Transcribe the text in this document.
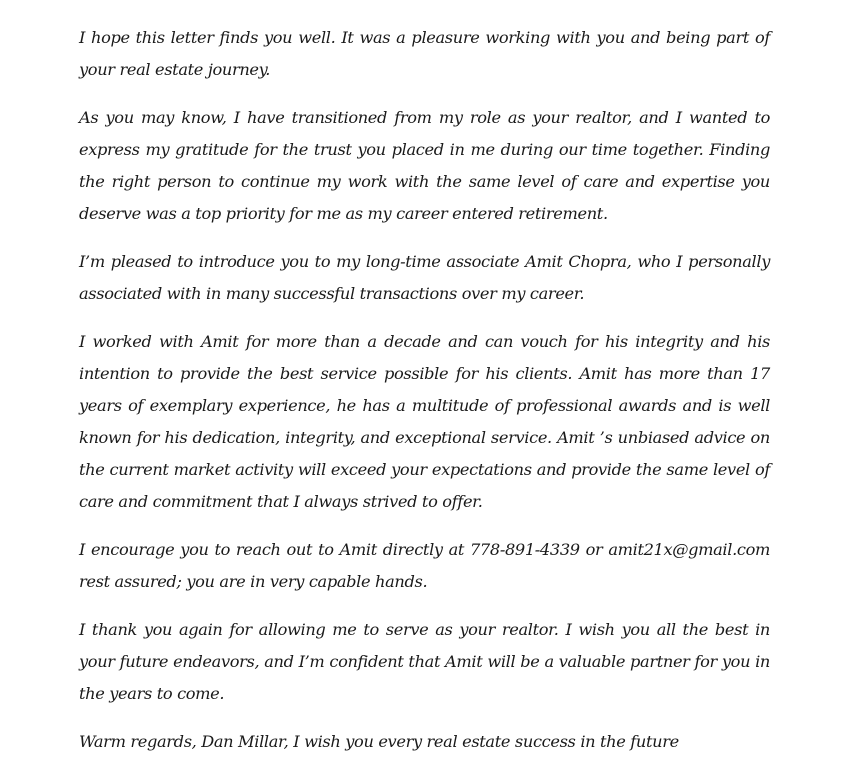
I hope this letter finds you well. It was a pleasure working with you and being part of your real estate journey.

As you may know, I have transitioned from my role as your realtor, and I wanted to express my gratitude for the trust you placed in me during our time together. Finding the right person to continue my work with the same level of care and expertise you deserve was a top priority for me as my career entered retirement.

I’m pleased to introduce you to my long-time associate Amit Chopra, who I personally associated with in many successful transactions over my career.

I worked with Amit for more than a decade and can vouch for his integrity and his intention to provide the best service possible for his clients. Amit has more than 17 years of exemplary experience, he has a multitude of professional awards and is well known for his dedication, integrity, and exceptional service. Amit ’s unbiased advice on the current market activity will exceed your expectations and provide the same level of care and commitment that I always strived to offer.

I encourage you to reach out to Amit directly at 778-891-4339 or amit21x@gmail.com rest assured; you are in very capable hands.

I thank you again for allowing me to serve as your realtor. I wish you all the best in your future endeavors, and I’m confident that Amit will be a valuable partner for you in the years to come.

Warm regards, Dan Millar, I wish you every real estate success in the future
